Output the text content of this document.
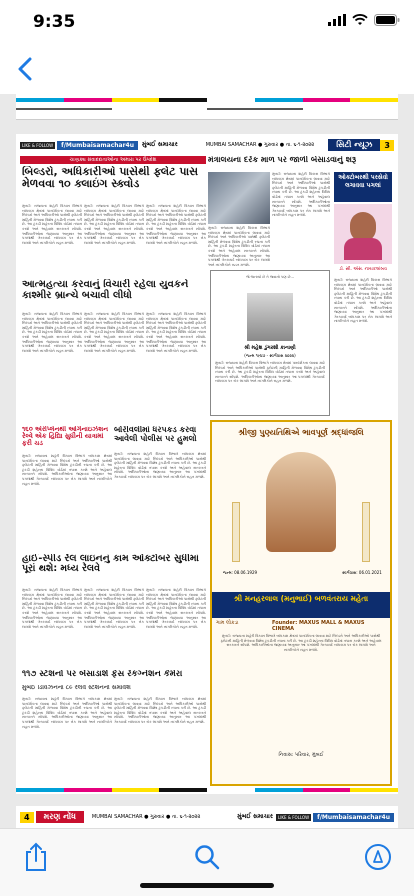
9:35
LIKE & FOLLOW	f/Mumbaisamachar4u	મુંબઈ સમાચાર	MUMBAI SAMACHAR ● ગુરુવાર ● તા. ૬-૧-૨૦૨૨	સિટી ન્યૂઝ	3
ચાણક્ય સંવાદદાતાઓના અમારા પર ઉપદેશ
બિલ્ડરો, અધિકારીઓ પાસેથી ફ્લેટ પાસ મેળવવા ૧૦ ક્લાઇંગ સ્ક્વોડ
મુંબઈ: રાજ્યના શહેરી વિકાસ વિભાગે બાંધકામ ક્ષેત્રમાં પારદર્શકતા લાવવા માટે બિલ્ડરો અને અધિકારીઓ પાસેથી ફ્લેટની માહિતી મેળવવા વિશેષ ટુકડીની રચના કરી છે. આ ટુકડી શહેરના વિવિધ વોર્ડમાં તપાસ કરશે અને અહેવાલ સરકારને સોંપશે. અધિકારીઓના જણાવ્યા અનુસાર આ પગલાંથી ગેરકાયદે બાંધકામ પર રોક લાગશે અને નાગરિકોને રાહત મળશે.
મુંબઈ: રાજ્યના શહેરી વિકાસ વિભાગે બાંધકામ ક્ષેત્રમાં પારદર્શકતા લાવવા માટે બિલ્ડરો અને અધિકારીઓ પાસેથી ફ્લેટની માહિતી મેળવવા વિશેષ ટુકડીની રચના કરી છે. આ ટુકડી શહેરના વિવિધ વોર્ડમાં તપાસ કરશે અને અહેવાલ સરકારને સોંપશે. અધિકારીઓના જણાવ્યા અનુસાર આ પગલાંથી ગેરકાયદે બાંધકામ પર રોક લાગશે અને નાગરિકોને રાહત મળશે.
મુંબઈ: રાજ્યના શહેરી વિકાસ વિભાગે બાંધકામ ક્ષેત્રમાં પારદર્શકતા લાવવા માટે બિલ્ડરો અને અધિકારીઓ પાસેથી ફ્લેટની માહિતી મેળવવા વિશેષ ટુકડીની રચના કરી છે. આ ટુકડી શહેરના વિવિધ વોર્ડમાં તપાસ કરશે અને અહેવાલ સરકારને સોંપશે. અધિકારીઓના જણાવ્યા અનુસાર આ પગલાંથી ગેરકાયદે બાંધકામ પર રોક લાગશે અને નાગરિકોને રાહત મળશે.
આત્મહત્યા કરવાનું વિચારી રહેલા યુવકને કાશ્મીર બ્રાન્ચે બચાવી લીધો
મુંબઈ: રાજ્યના શહેરી વિકાસ વિભાગે બાંધકામ ક્ષેત્રમાં પારદર્શકતા લાવવા માટે બિલ્ડરો અને અધિકારીઓ પાસેથી ફ્લેટની માહિતી મેળવવા વિશેષ ટુકડીની રચના કરી છે. આ ટુકડી શહેરના વિવિધ વોર્ડમાં તપાસ કરશે અને અહેવાલ સરકારને સોંપશે. અધિકારીઓના જણાવ્યા અનુસાર આ પગલાંથી ગેરકાયદે બાંધકામ પર રોક લાગશે અને નાગરિકોને રાહત મળશે.
મુંબઈ: રાજ્યના શહેરી વિકાસ વિભાગે બાંધકામ ક્ષેત્રમાં પારદર્શકતા લાવવા માટે બિલ્ડરો અને અધિકારીઓ પાસેથી ફ્લેટની માહિતી મેળવવા વિશેષ ટુકડીની રચના કરી છે. આ ટુકડી શહેરના વિવિધ વોર્ડમાં તપાસ કરશે અને અહેવાલ સરકારને સોંપશે. અધિકારીઓના જણાવ્યા અનુસાર આ પગલાંથી ગેરકાયદે બાંધકામ પર રોક લાગશે અને નાગરિકોને રાહત મળશે.
મુંબઈ: રાજ્યના શહેરી વિકાસ વિભાગે બાંધકામ ક્ષેત્રમાં પારદર્શકતા લાવવા માટે બિલ્ડરો અને અધિકારીઓ પાસેથી ફ્લેટની માહિતી મેળવવા વિશેષ ટુકડીની રચના કરી છે. આ ટુકડી શહેરના વિવિધ વોર્ડમાં તપાસ કરશે અને અહેવાલ સરકારને સોંપશે. અધિકારીઓના જણાવ્યા અનુસાર આ પગલાંથી ગેરકાયદે બાંધકામ પર રોક લાગશે અને નાગરિકોને રાહત મળશે.
૧૬૦ એરોપ્લેનથી ઓર્ગેનાઇઝેશન રેલ્વે એક હિંદ્યિા સુધીની યાત્રામાં ફરી ચડ
મુંબઈ: રાજ્યના શહેરી વિકાસ વિભાગે બાંધકામ ક્ષેત્રમાં પારદર્શકતા લાવવા માટે બિલ્ડરો અને અધિકારીઓ પાસેથી ફ્લેટની માહિતી મેળવવા વિશેષ ટુકડીની રચના કરી છે. આ ટુકડી શહેરના વિવિધ વોર્ડમાં તપાસ કરશે અને અહેવાલ સરકારને સોંપશે. અધિકારીઓના જણાવ્યા અનુસાર આ પગલાંથી ગેરકાયદે બાંધકામ પર રોક લાગશે અને નાગરિકોને રાહત મળશે.
બોરીવલીમાં ધરપકડ કરવા આવેલી પોલીસ પર હુમલો
મુંબઈ: રાજ્યના શહેરી વિકાસ વિભાગે બાંધકામ ક્ષેત્રમાં પારદર્શકતા લાવવા માટે બિલ્ડરો અને અધિકારીઓ પાસેથી ફ્લેટની માહિતી મેળવવા વિશેષ ટુકડીની રચના કરી છે. આ ટુકડી શહેરના વિવિધ વોર્ડમાં તપાસ કરશે અને અહેવાલ સરકારને સોંપશે. અધિકારીઓના જણાવ્યા અનુસાર આ પગલાંથી ગેરકાયદે બાંધકામ પર રોક લાગશે અને નાગરિકોને રાહત મળશે.
હાઈ-સ્પીડ રેલ લાઇનનું કામ ઓક્ટોબર સુધીમાં પૂરાં થશે: મધ્ય રેલવે
મુંબઈ: રાજ્યના શહેરી વિકાસ વિભાગે બાંધકામ ક્ષેત્રમાં પારદર્શકતા લાવવા માટે બિલ્ડરો અને અધિકારીઓ પાસેથી ફ્લેટની માહિતી મેળવવા વિશેષ ટુકડીની રચના કરી છે. આ ટુકડી શહેરના વિવિધ વોર્ડમાં તપાસ કરશે અને અહેવાલ સરકારને સોંપશે. અધિકારીઓના જણાવ્યા અનુસાર આ પગલાંથી ગેરકાયદે બાંધકામ પર રોક લાગશે અને નાગરિકોને રાહત મળશે.
મુંબઈ: રાજ્યના શહેરી વિકાસ વિભાગે બાંધકામ ક્ષેત્રમાં પારદર્શકતા લાવવા માટે બિલ્ડરો અને અધિકારીઓ પાસેથી ફ્લેટની માહિતી મેળવવા વિશેષ ટુકડીની રચના કરી છે. આ ટુકડી શહેરના વિવિધ વોર્ડમાં તપાસ કરશે અને અહેવાલ સરકારને સોંપશે. અધિકારીઓના જણાવ્યા અનુસાર આ પગલાંથી ગેરકાયદે બાંધકામ પર રોક લાગશે અને નાગરિકોને રાહત મળશે.
મુંબઈ: રાજ્યના શહેરી વિકાસ વિભાગે બાંધકામ ક્ષેત્રમાં પારદર્શકતા લાવવા માટે બિલ્ડરો અને અધિકારીઓ પાસેથી ફ્લેટની માહિતી મેળવવા વિશેષ ટુકડીની રચના કરી છે. આ ટુકડી શહેરના વિવિધ વોર્ડમાં તપાસ કરશે અને અહેવાલ સરકારને સોંપશે. અધિકારીઓના જણાવ્યા અનુસાર આ પગલાંથી ગેરકાયદે બાંધકામ પર રોક લાગશે અને નાગરિકોને રાહત મળશે.
૧૧૭ સ્ટેશનો પર બેસાડાશે ફેસ રેકગ્નેશન કેમેરા
મુંબઈ ડિવિઝનના ૮૯ રેલવે સ્ટેશનનો સમાવેશ
મુંબઈ: રાજ્યના શહેરી વિકાસ વિભાગે બાંધકામ ક્ષેત્રમાં પારદર્શકતા લાવવા માટે બિલ્ડરો અને અધિકારીઓ પાસેથી ફ્લેટની માહિતી મેળવવા વિશેષ ટુકડીની રચના કરી છે. આ ટુકડી શહેરના વિવિધ વોર્ડમાં તપાસ કરશે અને અહેવાલ સરકારને સોંપશે. અધિકારીઓના જણાવ્યા અનુસાર આ પગલાંથી ગેરકાયદે બાંધકામ પર રોક લાગશે અને નાગરિકોને રાહત મળશે.
મુંબઈ: રાજ્યના શહેરી વિકાસ વિભાગે બાંધકામ ક્ષેત્રમાં પારદર્શકતા લાવવા માટે બિલ્ડરો અને અધિકારીઓ પાસેથી ફ્લેટની માહિતી મેળવવા વિશેષ ટુકડીની રચના કરી છે. આ ટુકડી શહેરના વિવિધ વોર્ડમાં તપાસ કરશે અને અહેવાલ સરકારને સોંપશે. અધિકારીઓના જણાવ્યા અનુસાર આ પગલાંથી ગેરકાયદે બાંધકામ પર રોક લાગશે અને નાગરિકોને રાહત મળશે.
મંત્રાલયના દરેક માળ પર જાળી બેસાડવાનું શરૂ
મુંબઈ: રાજ્યના શહેરી વિકાસ વિભાગે બાંધકામ ક્ષેત્રમાં પારદર્શકતા લાવવા માટે બિલ્ડરો અને અધિકારીઓ પાસેથી ફ્લેટની માહિતી મેળવવા વિશેષ ટુકડીની રચના કરી છે. આ ટુકડી શહેરના વિવિધ વોર્ડમાં તપાસ કરશે અને અહેવાલ સરકારને સોંપશે. અધિકારીઓના જણાવ્યા અનુસાર આ પગલાંથી ગેરકાયદે બાંધકામ પર રોક લાગશે અને નાગરિકોને રાહત મળશે.
મુંબઈ: રાજ્યના શહેરી વિકાસ વિભાગે બાંધકામ ક્ષેત્રમાં પારદર્શકતા લાવવા માટે બિલ્ડરો અને અધિકારીઓ પાસેથી ફ્લેટની માહિતી મેળવવા વિશેષ ટુકડીની રચના કરી છે. આ ટુકડી શહેરના વિવિધ વોર્ડમાં તપાસ કરશે અને અહેવાલ સરકારને સોંપશે. અધિકારીઓના જણાવ્યા અનુસાર આ પગલાંથી ગેરકાયદે બાંધકામ પર રોક લાગશે અને નાગરિકોને રાહત મળશે.
ઓક્ટોબરથી પરસેવો લગાવવા પગલાં
ડૉ. સી. એસ. નાયકલાંબવ
મુંબઈ: રાજ્યના શહેરી વિકાસ વિભાગે બાંધકામ ક્ષેત્રમાં પારદર્શકતા લાવવા માટે બિલ્ડરો અને અધિકારીઓ પાસેથી ફ્લેટની માહિતી મેળવવા વિશેષ ટુકડીની રચના કરી છે. આ ટુકડી શહેરના વિવિધ વોર્ડમાં તપાસ કરશે અને અહેવાલ સરકારને સોંપશે. અધિકારીઓના જણાવ્યા અનુસાર આ પગલાંથી ગેરકાયદે બાંધકામ પર રોક લાગશે અને નાગરિકોને રાહત મળશે.
જે જન્મ્યો છે તે જવાનો પણ છે...
શ્રી મહેશ ડુંગરશી કાનાણી
(જન્મ ૧૯૪૭ - સ્વર્ગવાસ ૨૦૨૨)
મુંબઈ: રાજ્યના શહેરી વિકાસ વિભાગે બાંધકામ ક્ષેત્રમાં પારદર્શકતા લાવવા માટે બિલ્ડરો અને અધિકારીઓ પાસેથી ફ્લેટની માહિતી મેળવવા વિશેષ ટુકડીની રચના કરી છે. આ ટુકડી શહેરના વિવિધ વોર્ડમાં તપાસ કરશે અને અહેવાલ સરકારને સોંપશે. અધિકારીઓના જણાવ્યા અનુસાર આ પગલાંથી ગેરકાયદે બાંધકામ પર રોક લાગશે અને નાગરિકોને રાહત મળશે.
શ્રીજી પુણ્યતિથિએ ભાવપૂર્ણ શ્રદ્ધાંજલિ
જન્મ: 08.06.1929	સ્વર્ગવાસ: 06.01.2021
શ્રી મનહરલાલ (મનુભાઈ) બળવંતરાય મહેતા
ગામ લોકડા	Founder: MAXUS MALL & MAXUS CINEMA
મુંબઈ: રાજ્યના શહેરી વિકાસ વિભાગે બાંધકામ ક્ષેત્રમાં પારદર્શકતા લાવવા માટે બિલ્ડરો અને અધિકારીઓ પાસેથી ફ્લેટની માહિતી મેળવવા વિશેષ ટુકડીની રચના કરી છે. આ ટુકડી શહેરના વિવિધ વોર્ડમાં તપાસ કરશે અને અહેવાલ સરકારને સોંપશે. અધિકારીઓના જણાવ્યા અનુસાર આ પગલાંથી ગેરકાયદે બાંધકામ પર રોક લાગશે અને નાગરિકોને રાહત મળશે.
નિવાસ: પરિવાર, મુંબઈ
4	મરણ નોંધ	MUMBAI SAMACHAR ● ગુરુવાર ● તા. ૬-૧-૨૦૨૨	મુંબઈ સમાચાર	LIKE & FOLLOW	f/Mumbaisamachar4u
